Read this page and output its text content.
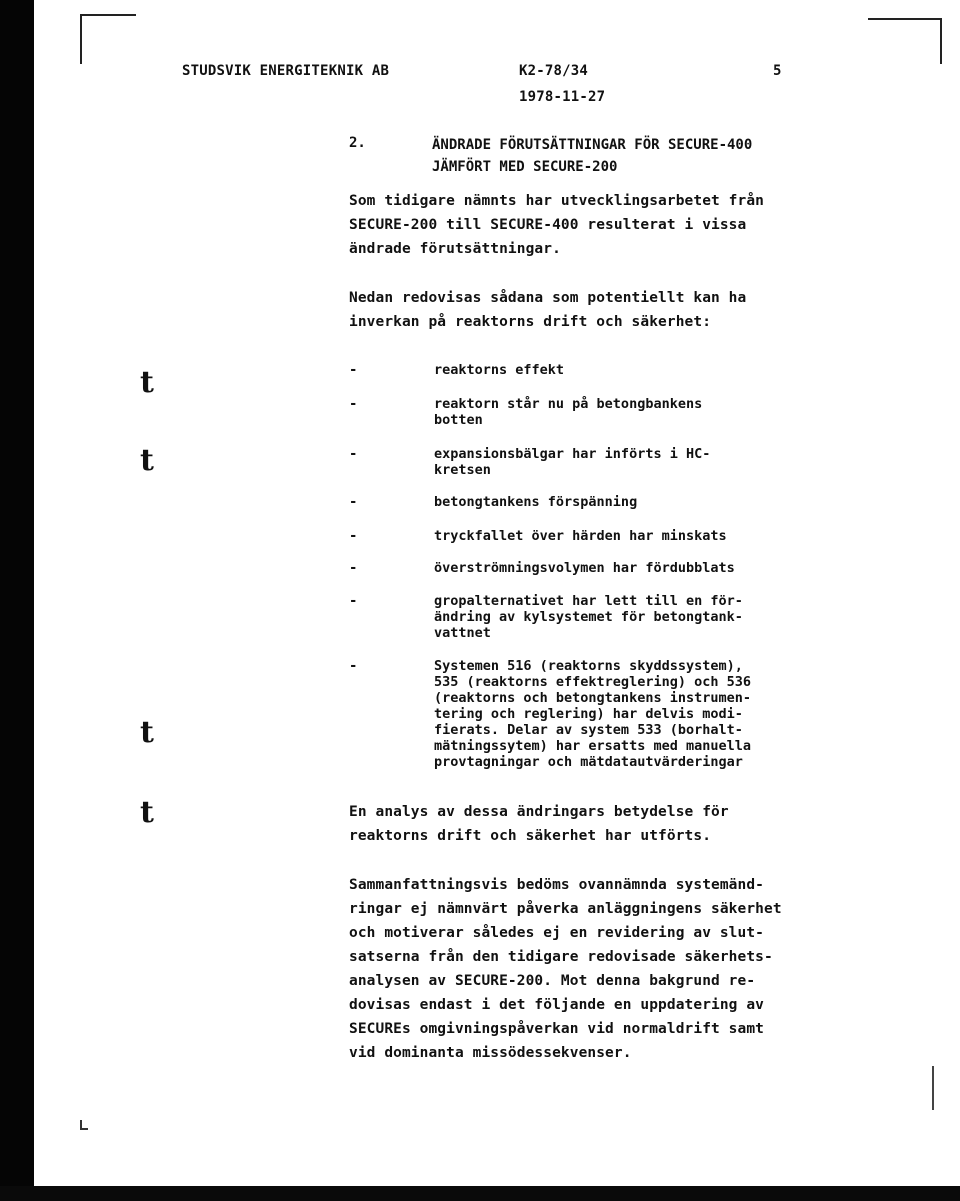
t
t
t
t
STUDSVIK ENERGITEKNIK AB	K2-78/34
1978-11-27
5
2.	ÄNDRADE FÖRUTSÄTTNINGAR FÖR SECURE-400
JÄMFÖRT MED SECURE-200
Som tidigare nämnts har utvecklingsarbetet från
SECURE-200 till SECURE-400 resulterat i vissa
ändrade förutsättningar.
Nedan redovisas sådana som potentiellt kan ha
inverkan på reaktorns drift och säkerhet:
-	reaktorns effekt
-	reaktorn står nu på betongbankens
botten
-	expansionsbälgar har införts i HC-
kretsen
-	betongtankens förspänning
-	tryckfallet över härden har minskats
-	överströmningsvolymen har fördubblats
-	gropalternativet har lett till en för-
ändring av kylsystemet för betongtank-
vattnet
-	Systemen 516 (reaktorns skyddssystem),
535 (reaktorns effektreglering) och 536
(reaktorns och betongtankens instrumen-
tering och reglering) har delvis modi-
fierats. Delar av system 533 (borhalt-
mätningssytem) har ersatts med manuella
provtagningar och mätdatautvärderingar
En analys av dessa ändringars betydelse för
reaktorns drift och säkerhet har utförts.
Sammanfattningsvis bedöms ovannämnda systemänd-
ringar ej nämnvärt påverka anläggningens säkerhet
och motiverar således ej en revidering av slut-
satserna från den tidigare redovisade säkerhets-
analysen av SECURE-200. Mot denna bakgrund re-
dovisas endast i det följande en uppdatering av
SECUREs omgivningspåverkan vid normaldrift samt
vid dominanta missödessekvenser.
